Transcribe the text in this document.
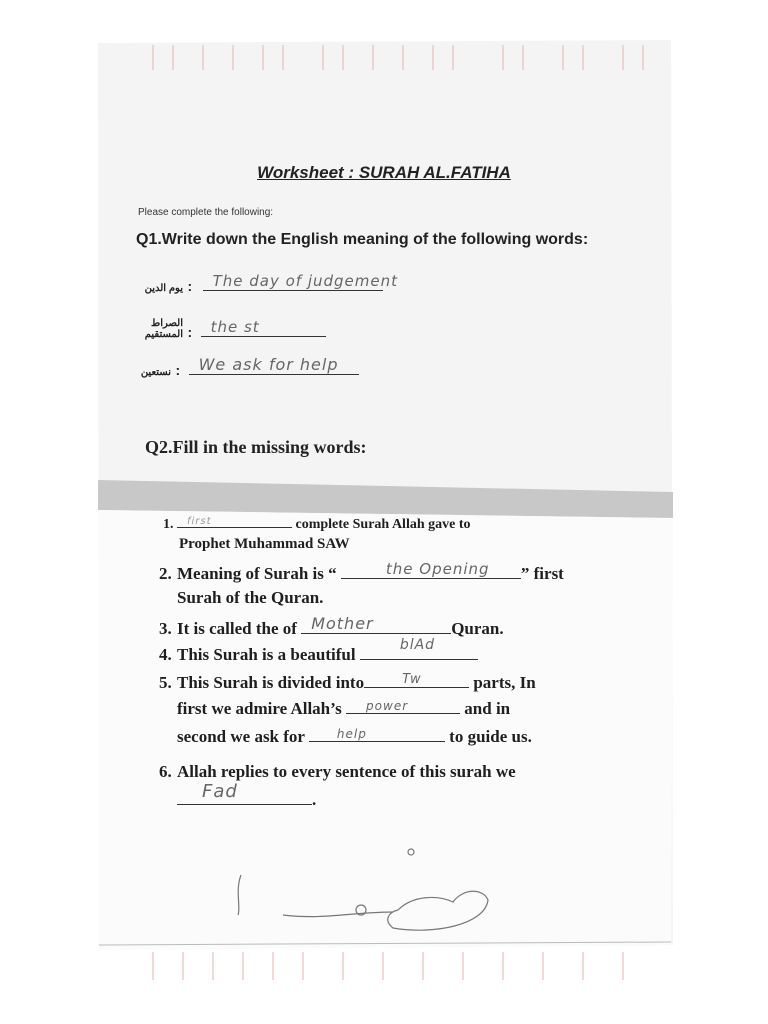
Worksheet : SURAH AL.FATIHA
Please complete the following:
Q1.Write down the English meaning of the following words:
يوم الدين : The day of judgement
الصراط المستقيم : the st
نستعين : We ask for help
Q2.Fill in the missing words:
1. first	complete Surah Allah gave to
Prophet Muhammad SAW
2. Meaning of Surah is “	the Opening ” first
Surah of the Quran.
3. It is called the of Mother	Quran.
4. This Surah is a beautiful	blAd
5. This Surah is divided into	Tw	parts, In
first we admire Allah’s power	and in
second we ask for	help	to guide us.
6. Allah replies to every sentence of this surah we
Fad	.
